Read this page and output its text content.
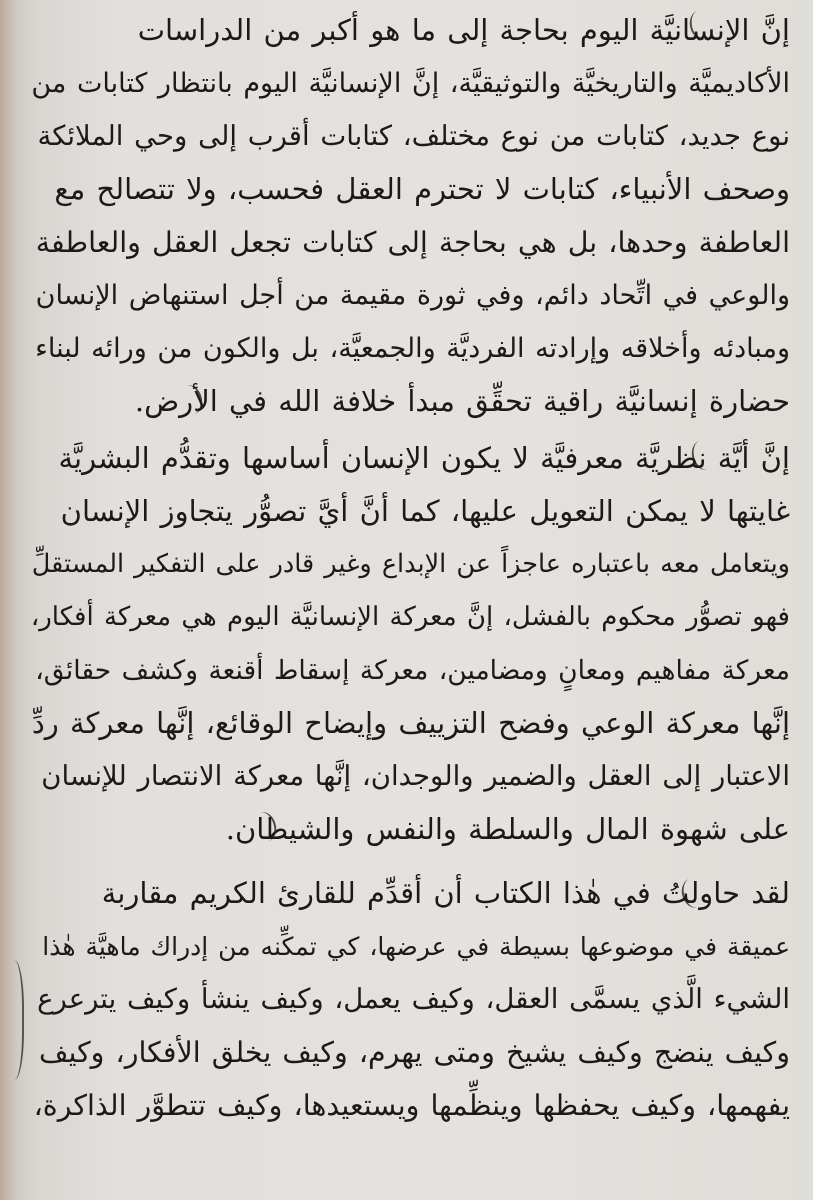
إنَّ الإنسانيَّة اليوم بحاجة إلى ما هو أكبر من الدراسات
الأكاديميَّة والتاريخيَّة والتوثيقيَّة، إنَّ الإنسانيَّة اليوم بانتظار كتابات من
نوع جديد، كتابات من نوع مختلف، كتابات أقرب إلى وحي الملائكة
وصحف الأنبياء، كتابات لا تحترم العقل فحسب، ولا تتصالح مع
العاطفة وحدها، بل هي بحاجة إلى كتابات تجعل العقل والعاطفة
والوعي في اتِّحاد دائم، وفي ثورة مقيمة من أجل استنهاض الإنسان
ومبادئه وأخلاقه وإرادته الفرديَّة والجمعيَّة، بل والكون من ورائه لبناء
حضارة إنسانيَّة راقية تحقِّق مبدأ خلافة الله في الأرض.
إنَّ أيَّة نظريَّة معرفيَّة لا يكون الإنسان أساسها وتقدُّم البشريَّة
غايتها لا يمكن التعويل عليها، كما أنَّ أيَّ تصوُّر يتجاوز الإنسان
ويتعامل معه باعتباره عاجزاً عن الإبداع وغير قادر على التفكير المستقلِّ
فهو تصوُّر محكوم بالفشل، إنَّ معركة الإنسانيَّة اليوم هي معركة أفكار،
معركة مفاهيم ومعانٍ ومضامين، معركة إسقاط أقنعة وكشف حقائق،
إنَّها معركة الوعي وفضح التزييف وإيضاح الوقائع، إنَّها معركة ردِّ
الاعتبار إلى العقل والضمير والوجدان، إنَّها معركة الانتصار للإنسان
على شهوة المال والسلطة والنفس والشيطان.
لقد حاولتُ في هٰذا الكتاب أن أقدِّم للقارئ الكريم مقاربة
عميقة في موضوعها بسيطة في عرضها، كي تمكِّنه من إدراك ماهيَّة هٰذا
الشيء الَّذي يسمَّى العقل، وكيف يعمل، وكيف ينشأ وكيف يترعرع
وكيف ينضج وكيف يشيخ ومتى يهرم، وكيف يخلق الأفكار، وكيف
يفهمها، وكيف يحفظها وينظِّمها ويستعيدها، وكيف تتطوَّر الذاكرة،
